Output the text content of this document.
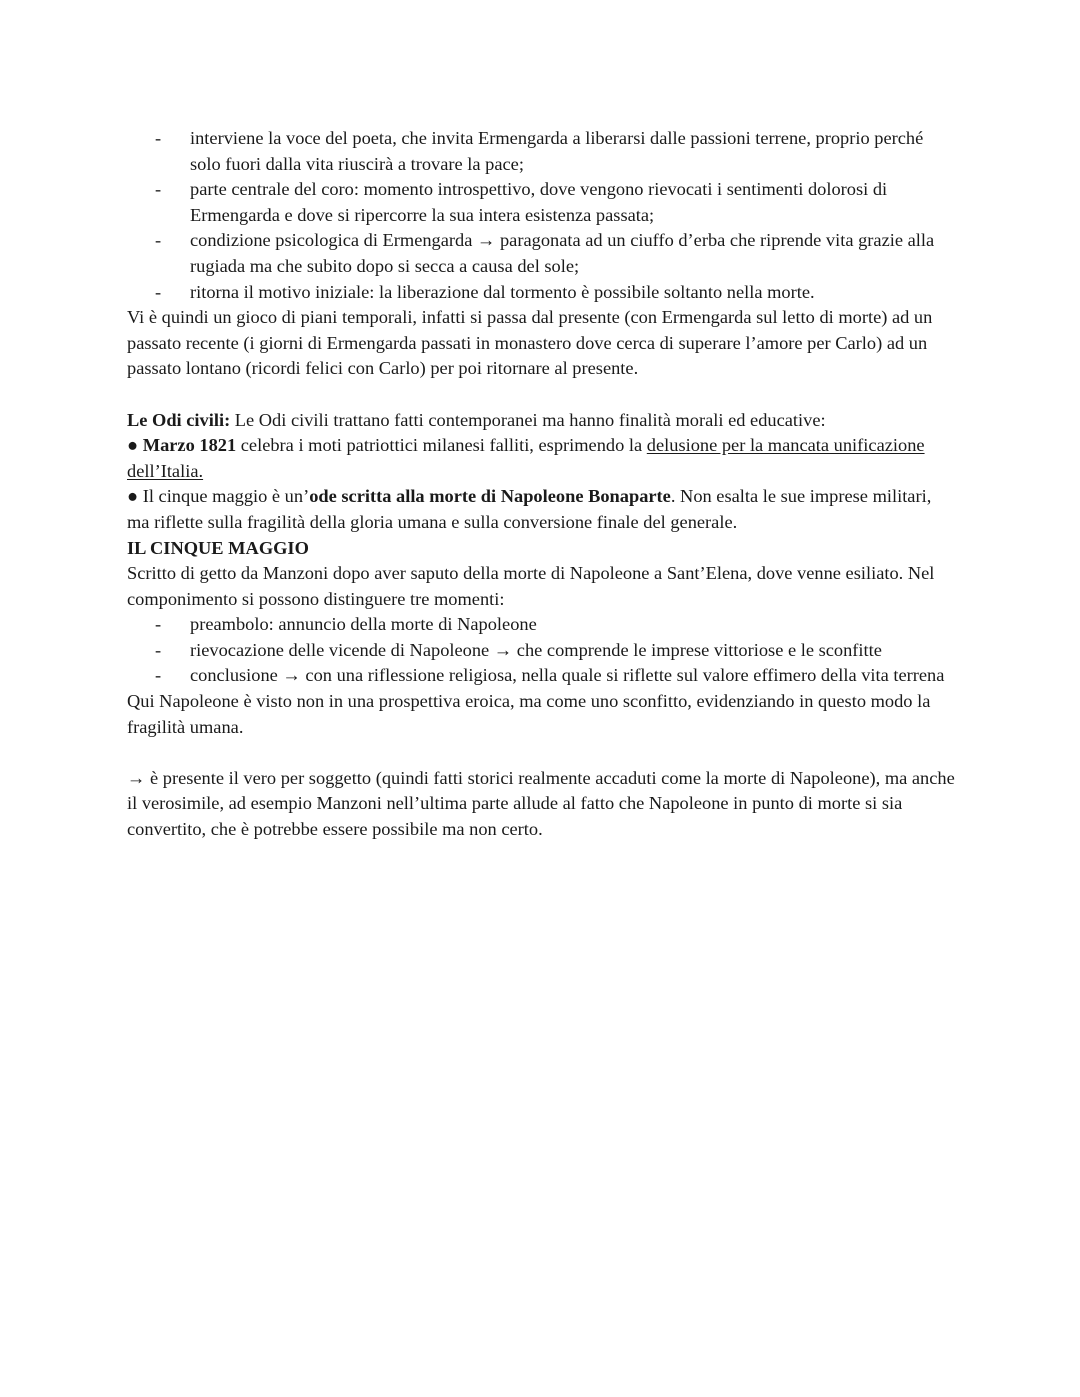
- interviene la voce del poeta, che invita Ermengarda a liberarsi dalle passioni terrene, proprio perché solo fuori dalla vita riuscirà a trovare la pace;
- parte centrale del coro: momento introspettivo, dove vengono rievocati i sentimenti dolorosi di Ermengarda e dove si ripercorre la sua intera esistenza passata;
- condizione psicologica di Ermengarda → paragonata ad un ciuffo d’erba che riprende vita grazie alla rugiada ma che subito dopo si secca a causa del sole;
- ritorna il motivo iniziale: la liberazione dal tormento è possibile soltanto nella morte.

Vi è quindi un gioco di piani temporali, infatti si passa dal presente (con Ermengarda sul letto di morte) ad un passato recente (i giorni di Ermengarda passati in monastero dove cerca di superare l’amore per Carlo) ad un passato lontano (ricordi felici con Carlo) per poi ritornare al presente.

Le Odi civili: Le Odi civili trattano fatti contemporanei ma hanno finalità morali ed educative:

● Marzo 1821 celebra i moti patriottici milanesi falliti, esprimendo la delusione per la mancata unificazione dell’Italia.

● Il cinque maggio è un’ode scritta alla morte di Napoleone Bonaparte. Non esalta le sue imprese militari, ma riflette sulla fragilità della gloria umana e sulla conversione finale del generale.

IL CINQUE MAGGIO

Scritto di getto da Manzoni dopo aver saputo della morte di Napoleone a Sant’Elena, dove venne esiliato. Nel componimento si possono distinguere tre momenti:

- preambolo: annuncio della morte di Napoleone
- rievocazione delle vicende di Napoleone → che comprende le imprese vittoriose e le sconfitte
- conclusione → con una riflessione religiosa, nella quale si riflette sul valore effimero della vita terrena

Qui Napoleone è visto non in una prospettiva eroica, ma come uno sconfitto, evidenziando in questo modo la fragilità umana.

→ è presente il vero per soggetto (quindi fatti storici realmente accaduti come la morte di Napoleone), ma anche il verosimile, ad esempio Manzoni nell’ultima parte allude al fatto che Napoleone in punto di morte si sia convertito, che è potrebbe essere possibile ma non certo.
